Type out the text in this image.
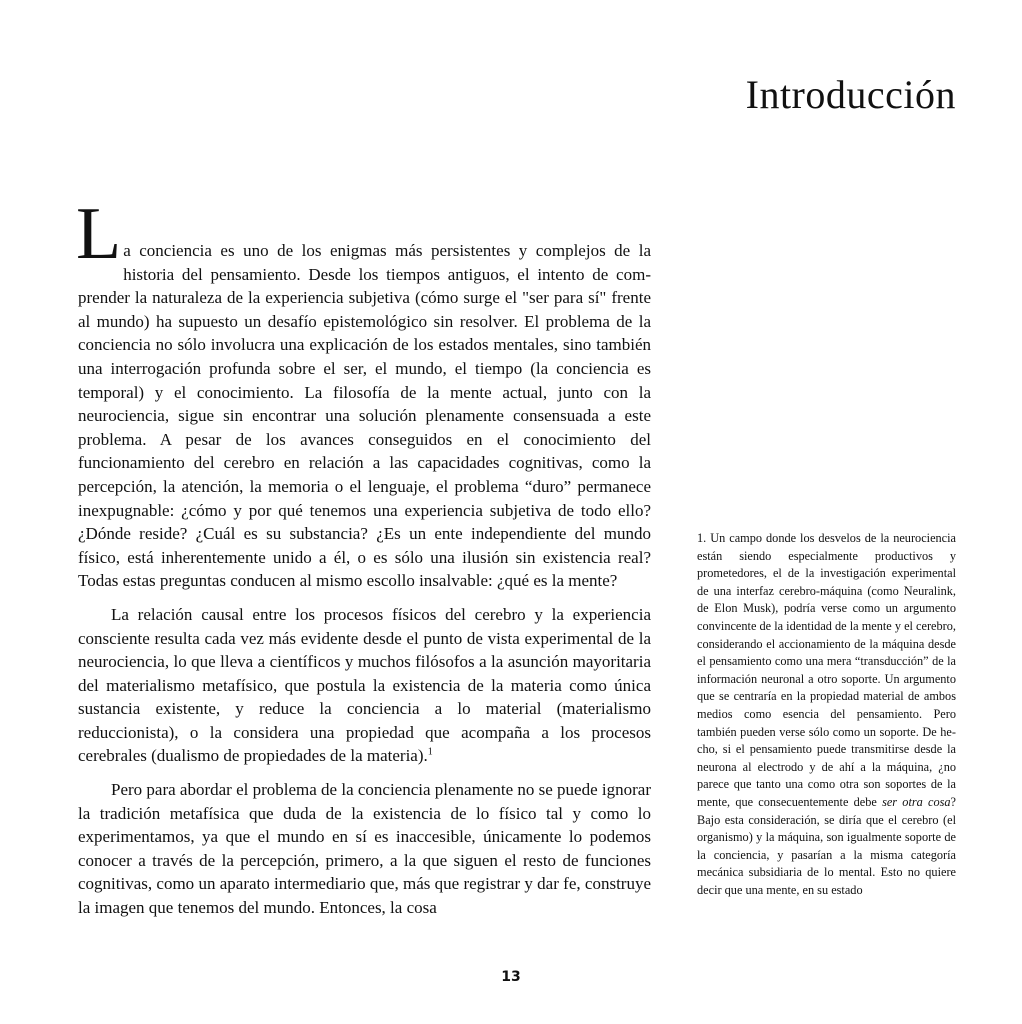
Introducción
L a conciencia es uno de los enigmas más persistentes y complejos de la historia del pensamiento. Desde los tiempos antiguos, el intento de comprender la naturaleza de la experiencia subjetiva (cómo surge el "ser para sí" frente al mundo) ha supuesto un desafío epistemológico sin resolver. El problema de la conciencia no sólo involucra una explicación de los estados mentales, sino también una interrogación profunda sobre el ser, el mundo, el tiempo (la conciencia es temporal) y el conocimiento. La filosofía de la mente actual, junto con la neurociencia, sigue sin encontrar una solución plenamente consensuada a este problema. A pesar de los avances conseguidos en el conocimiento del funcionamiento del cerebro en relación a las capacidades cognitivas, como la percepción, la atención, la memoria o el lenguaje, el problema “duro” permanece inexpugnable: ¿cómo y por qué tenemos una experiencia subjetiva de todo ello? ¿Dónde reside? ¿Cuál es su substancia? ¿Es un ente independiente del mundo físico, está inherentemente unido a él, o es sólo una ilusión sin existencia real? Todas estas preguntas conducen al mismo escollo insalvable: ¿qué es la mente?

La relación causal entre los procesos físicos del cerebro y la experiencia consciente resulta cada vez más evidente desde el punto de vista experimental de la neurociencia, lo que lleva a científicos y muchos filósofos a la asunción mayoritaria del materialismo metafísico, que postula la existencia de la materia como única sustancia existente, y reduce la conciencia a lo material (materialismo reduccionista), o la considera una propiedad que acompaña a los procesos cerebrales (dualismo de propiedades de la materia).$^1$

Pero para abordar el problema de la conciencia plenamente no se puede ignorar la tradición metafísica que duda de la existencia de lo físico tal y como lo experimentamos, ya que el mundo en sí es inaccesible, únicamente lo podemos conocer a través de la percepción, primero, a la que siguen el resto de funciones cognitivas, como un aparato intermediario que, más que registrar y dar fe, construye la imagen que tenemos del mundo. Entonces, la cosa

1. Un campo donde los desvelos de la neurociencia están siendo especialmente productivos y prometedores, el de la investigación experimental de una interfaz cerebro-máquina (como Neuralink, de Elon Musk), podría verse como un argumento convincente de la identidad de la mente y el cerebro, considerando el accionamiento de la máquina desde el pensamiento como una mera “transducción” de la información neuronal a otro soporte. Un argumento que se centraría en la propiedad material de ambos medios como esencia del pensamiento. Pero también pueden verse sólo como un soporte. De hecho, si el pensamiento puede transmitirse desde la neurona al electrodo y de ahí a la máquina, ¿no parece que tanto una como otra son soportes de la mente, que consecuentemente debe ser otra cosa? Bajo esta consideración, se diría que el cerebro (el organismo) y la máquina, son igualmente soporte de la conciencia, y pasarían a la misma categoría mecánica subsidiaria de lo mental. Esto no quiere decir que una mente, en su estado

13
